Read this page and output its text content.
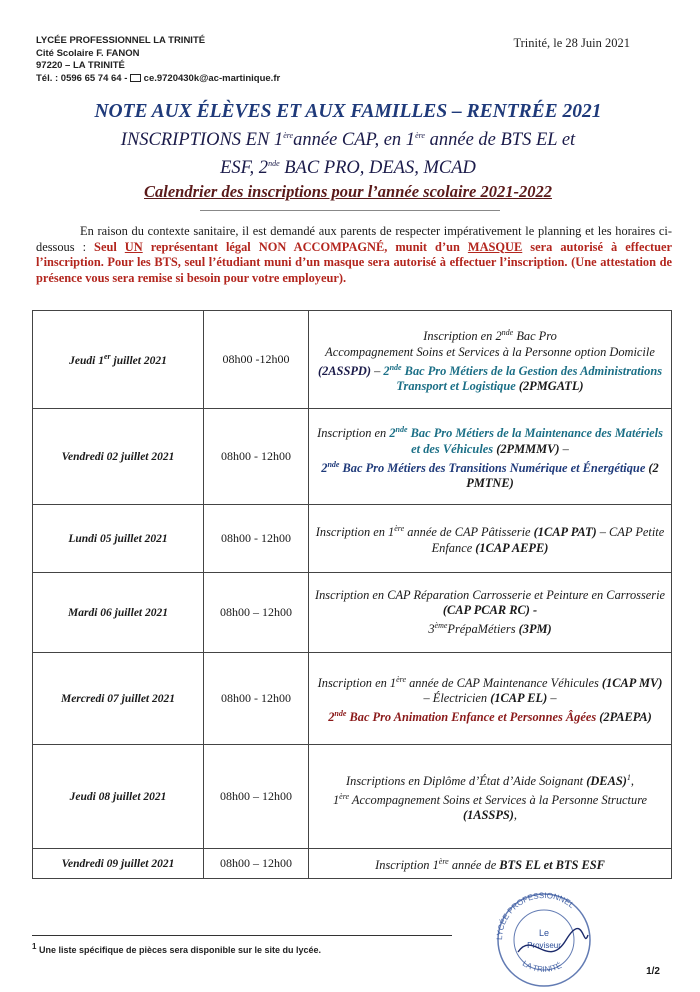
LYCÉE PROFESSIONNEL LA TRINITÉ
Cité Scolaire F. FANON
97220 – LA TRINITÉ
Tél. : 0596 65 74 64 -  ce.9720430k@ac-martinique.fr
Trinité, le 28 Juin 2021
NOTE AUX ÉLÈVES ET AUX FAMILLES – RENTRÉE 2021
INSCRIPTIONS EN 1èreannée CAP, en 1ère année de BTS EL et
ESF, 2nde BAC PRO, DEAS, MCAD
Calendrier des inscriptions pour l’année scolaire 2021-2022
En raison du contexte sanitaire, il est demandé aux parents de respecter impérativement le planning et les horaires ci-dessous : Seul UN représentant légal NON ACCOMPAGNÉ, munit d’un MASQUE sera autorisé à effectuer l’inscription. Pour les BTS, seul l’étudiant muni d’un masque sera autorisé à effectuer l’inscription. (Une attestation de présence vous sera remise si besoin pour votre employeur).
Jeudi 1er juillet 2021	08h00 -12h00	Inscription en 2nde Bac Pro
Accompagnement Soins et Services à la Personne option Domicile (2ASSPD) – 2nde Bac Pro Métiers de la Gestion des Administrations Transport et Logistique (2PMGATL)
Vendredi 02 juillet 2021	08h00 - 12h00	Inscription en 2nde Bac Pro Métiers de la Maintenance des Matériels et des Véhicules (2PMMMV) –
2nde Bac Pro Métiers des Transitions Numérique et Énergétique (2 PMTNE)
Lundi 05 juillet 2021	08h00 - 12h00	Inscription en 1ère année de CAP Pâtisserie (1CAP PAT) – CAP Petite Enfance (1CAP AEPE)
Mardi 06 juillet 2021	08h00 – 12h00	Inscription en CAP Réparation Carrosserie et Peinture en Carrosserie (CAP PCAR RC) -
3èmePrépaMétiers (3PM)
Mercredi 07 juillet 2021	08h00 - 12h00	Inscription en 1ère année de CAP Maintenance Véhicules (1CAP MV) – Électricien (1CAP EL) –
2nde Bac Pro Animation Enfance et Personnes Âgées (2PAEPA)
Jeudi 08 juillet 2021	08h00 – 12h00	Inscriptions en Diplôme d’État d’Aide Soignant (DEAS)$^1$,
1ère Accompagnement Soins et Services à la Personne Structure (1ASSPS),
Vendredi 09 juillet 2021	08h00 – 12h00	Inscription 1ère année de BTS EL et BTS ESF
LYCÉE PROFESSIONNEL
LA TRINITÉ
Le
Proviseur
$^1$ Une liste spécifique de pièces sera disponible sur le site du lycée.
1/2
